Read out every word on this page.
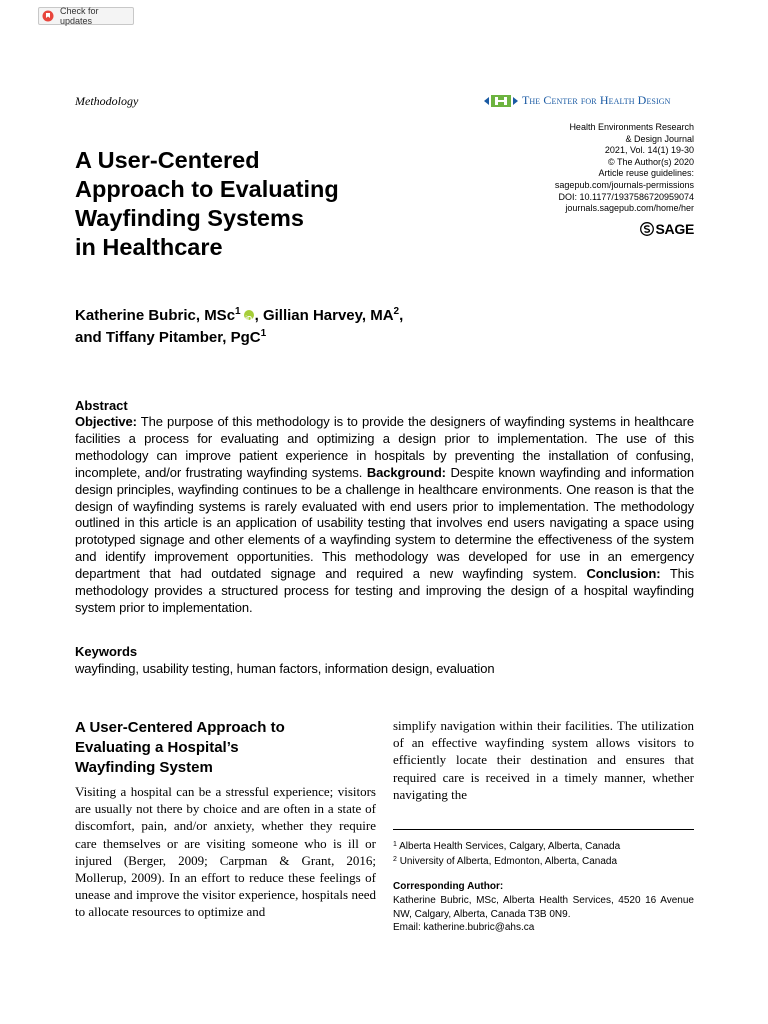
Check for updates
Methodology	The Center for Health Design
Health Environments Research
& Design Journal
2021, Vol. 14(1) 19-30
© The Author(s) 2020
Article reuse guidelines:
sagepub.com/journals-permissions
DOI: 10.1177/1937586720959074
journals.sagepub.com/home/her
SAGE
A User-Centered
Approach to Evaluating
Wayfinding Systems
in Healthcare
Katherine Bubric, MSc$^1$
iD , Gillian Harvey, $MA^2$,
and Tiffany Pitamber, PgC$^1$
Abstract
Objective: The purpose of this methodology is to provide the designers of wayfinding systems in healthcare facilities a process for evaluating and optimizing a design prior to implementation. The use of this methodology can improve patient experience in hospitals by preventing the installation of confusing, incomplete, and/or frustrating wayfinding systems. Background: Despite known wayfinding and information design principles, wayfinding continues to be a challenge in healthcare environments. One reason is that the design of wayfinding systems is rarely evaluated with end users prior to implementation. The methodology outlined in this article is an application of usability testing that involves end users navigating a space using prototyped signage and other elements of a wayfinding system to determine the effectiveness of the system and identify improvement opportunities. This methodology was developed for use in an emergency department that had outdated signage and required a new wayfinding system. Conclusion: This methodology provides a structured process for testing and improving the design of a hospital wayfinding system prior to implementation.
Keywords
wayfinding, usability testing, human factors, information design, evaluation
A User-Centered Approach to
Evaluating a Hospital’s
Wayfinding System
Visiting a hospital can be a stressful experience; visitors are usually not there by choice and are often in a state of discomfort, pain, and/or anxiety, whether they require care themselves or are visiting someone who is ill or injured (Berger, 2009; Carpman & Grant, 2016; Mollerup, 2009). In an effort to reduce these feelings of unease and improve the visitor experience, hospitals need to allocate resources to optimize and
simplify navigation within their facilities. The utilization of an effective wayfinding system allows visitors to efficiently locate their destination and ensures that required care is received in a timely manner, whether navigating the
$^1$ Alberta Health Services, Calgary, Alberta, Canada
$^2$ University of Alberta, Edmonton, Alberta, Canada
Corresponding Author:
Katherine Bubric, MSc, Alberta Health Services, 4520 16 Avenue NW, Calgary, Alberta, Canada T3B 0N9.
Email: katherine.bubric@ahs.ca
